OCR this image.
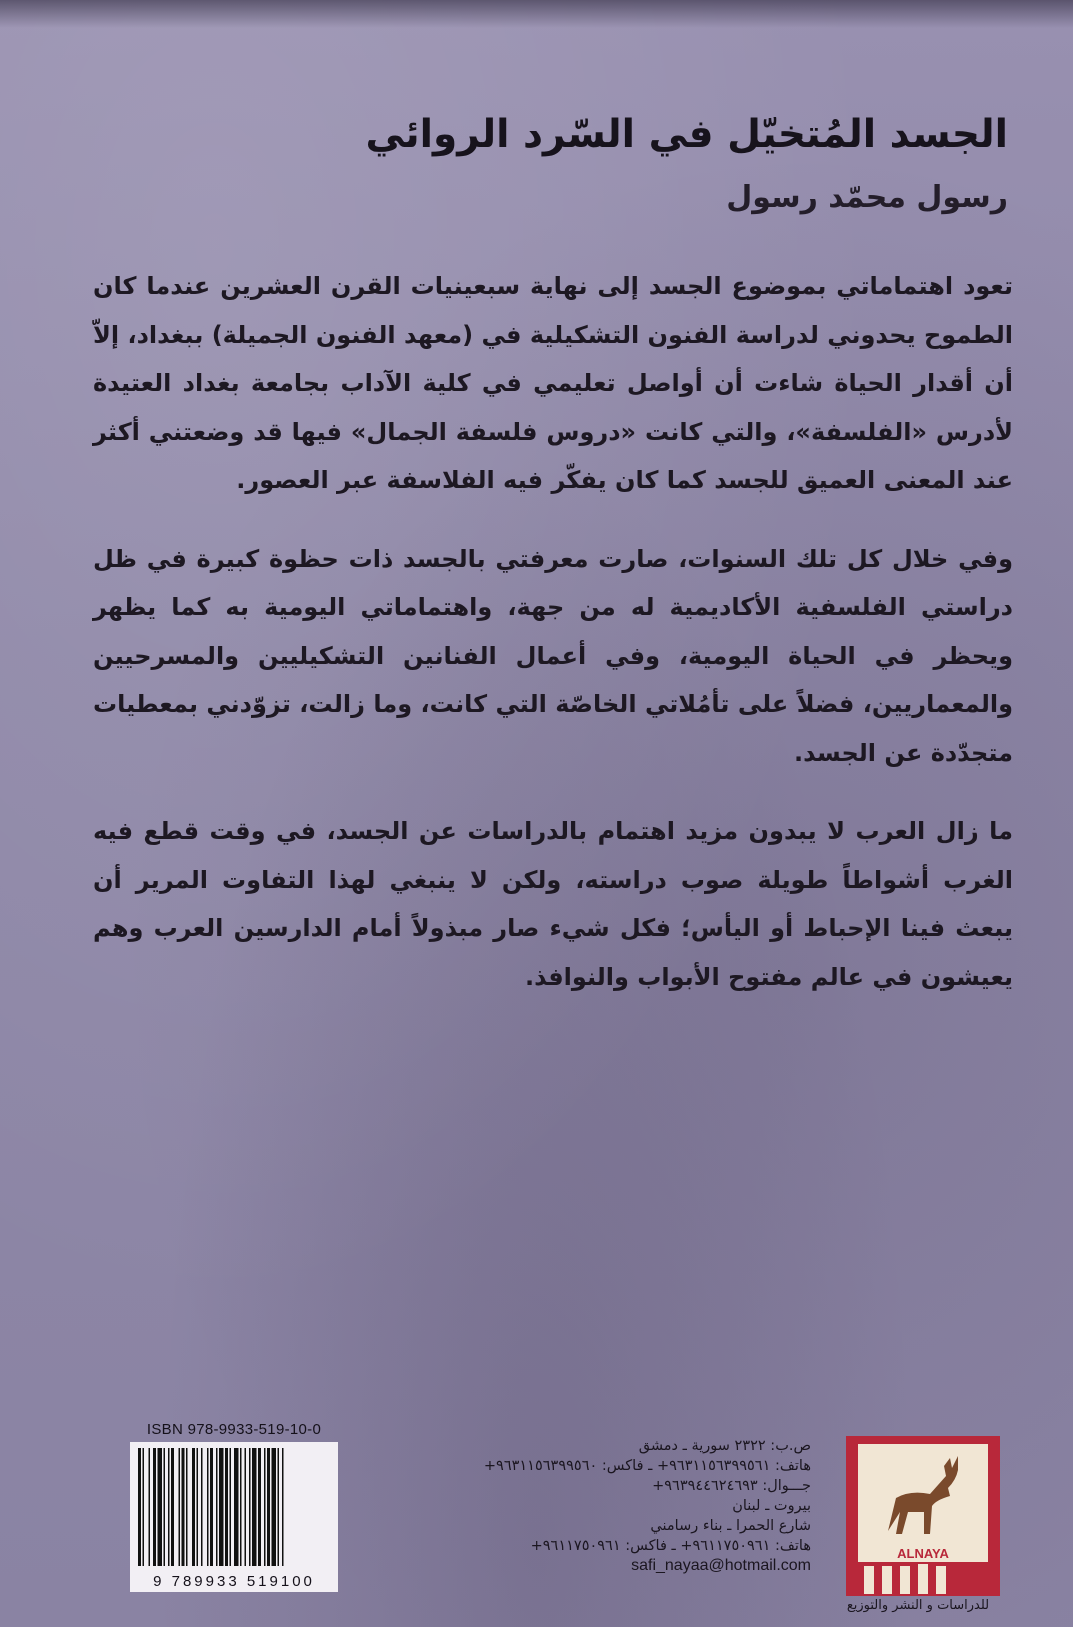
الجسد المُتخيّل في السّرد الروائي
رسول محمّد رسول

تعود اهتماماتي بموضوع الجسد إلى نهاية سبعينيات القرن العشرين عندما كان الطموح يحدوني لدراسة الفنون التشكيلية في (معهد الفنون الجميلة) ببغداد، إلاّ أن أقدار الحياة شاءت أن أواصل تعليمي في كلية الآداب بجامعة بغداد العتيدة لأدرس «الفلسفة»، والتي كانت «دروس فلسفة الجمال» فيها قد وضعتني أكثر عند المعنى العميق للجسد كما كان يفكّر فيه الفلاسفة عبر العصور.

وفي خلال كل تلك السنوات، صارت معرفتي بالجسد ذات حظوة كبيرة في ظل دراستي الفلسفية الأكاديمية له من جهة، واهتماماتي اليومية به كما يظهر ويحظر في الحياة اليومية، وفي أعمال الفنانين التشكيليين والمسرحيين والمعماريين، فضلاً على تأمُلاتي الخاصّة التي كانت، وما زالت، تزوّدني بمعطيات متجدّدة عن الجسد.

ما زال العرب لا يبدون مزيد اهتمام بالدراسات عن الجسد، في وقت قطع فيه الغرب أشواطاً طويلة صوب دراسته، ولكن لا ينبغي لهذا التفاوت المرير أن يبعث فينا الإحباط أو اليأس؛ فكل شيء صار مبذولاً أمام الدارسين العرب وهم يعيشون في عالم مفتوح الأبواب والنوافذ.

ISBN 978-9933-519-10-0
9 789933 519100
ص.ب: ٢٣٢٢ سورية ـ دمشق
هاتف: ٩٦٣١١٥٦٣٩٩٥٦١+ ـ فاكس: ٩٦٣١١٥٦٣٩٩٥٦٠+
جـــوال: ٩٦٣٩٤٤٦٢٤٦٩٣+
بيروت ـ لبنان
شارع الحمرا ـ بناء رسامني
هاتف: ٩٦١١٧٥٠٩٦١+ ـ فاكس: ٩٦١١٧٥٠٩٦١+
safi_nayaa@hotmail.com
ALNAYA
للدراسات و النشر والتوزيع
